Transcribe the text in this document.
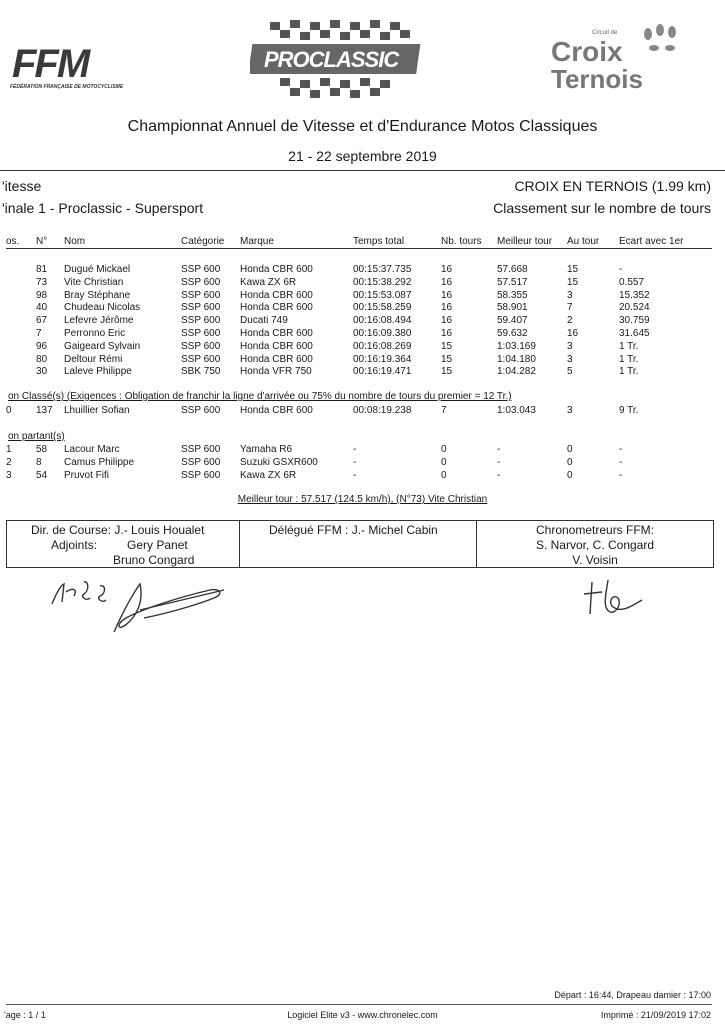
FFM
FÉDÉRATION FRANÇAISE DE MOTOCYCLISME
PROCLASSIC
Circuit de
Croix
Ternois
Championnat Annuel de Vitesse et d'Endurance Motos Classiques
21 - 22 septembre 2019
'itesse	CROIX EN TERNOIS (1.99 km)
'inale 1 - Proclassic - Supersport	Classement sur le nombre de tours
os. N° Nom	Catégorie Marque	Temps total	Nb. tours Meilleur tour Au tour Ecart avec 1er
81 Dugué Mickael	SSP 600 Honda CBR 600	00:15:37.735	16	57.668	15	-
73 Vite Christian	SSP 600 Kawa ZX 6R	00:15:38.292	16	57.517	15	0.557
98 Bray Stéphane	SSP 600 Honda CBR 600	00:15:53.087	16	58.355	3	15.352
40 Chudeau Nicolas	SSP 600 Honda CBR 600	00:15:58.259	16	58.901	7	20.524
67 Lefevre Jérôme	SSP 600 Ducati 749	00:16:08.494	16	59.407	2	30.759
7 Perronno Eric	SSP 600 Honda CBR 600	00:16:09.380	16	59.632	16	31.645
96 Gaigeard Sylvain	SSP 600 Honda CBR 600	00:16:08.269	15	1:03.169	3	1 Tr.
80 Deltour Rémi	SSP 600 Honda CBR 600	00:16:19.364	15	1:04.180	3	1 Tr.
30 Laleve Philippe	SBK 750 Honda VFR 750	00:16:19.471	15	1:04.282	5	1 Tr.
on Classé(s) (Exigences : Obligation de franchir la ligne d'arrivée ou 75% du nombre de tours du premier = 12 Tr.)
0 137 Lhuillier Sofian	SSP 600 Honda CBR 600	00:08:19.238	7	1:03.043	3	9 Tr.
on partant(s)
1 58 Lacour Marc	SSP 600 Yamaha R6	-	0	-	0	-
2 8 Camus Philippe	SSP 600 Suzuki GSXR600	-	0	-	0	-
3 54 Pruvot Fifi	SSP 600 Kawa ZX 6R	-	0	-	0	-
Meilleur tour : 57.517 (124.5 km/h), (N°73) Vite Christian
Dir. de Course: J.- Louis Houalet
Adjoints: Gery Panet
Bruno Congard
Délégué FFM : J.- Michel Cabin	Chronometreurs FFM:
S. Narvor, C. Congard
V. Voisin
Départ : 16:44, Drapeau damier : 17:00
'age : 1 / 1	Logiciel Elite v3 - www.chronelec.com	Imprimé : 21/09/2019 17:02
